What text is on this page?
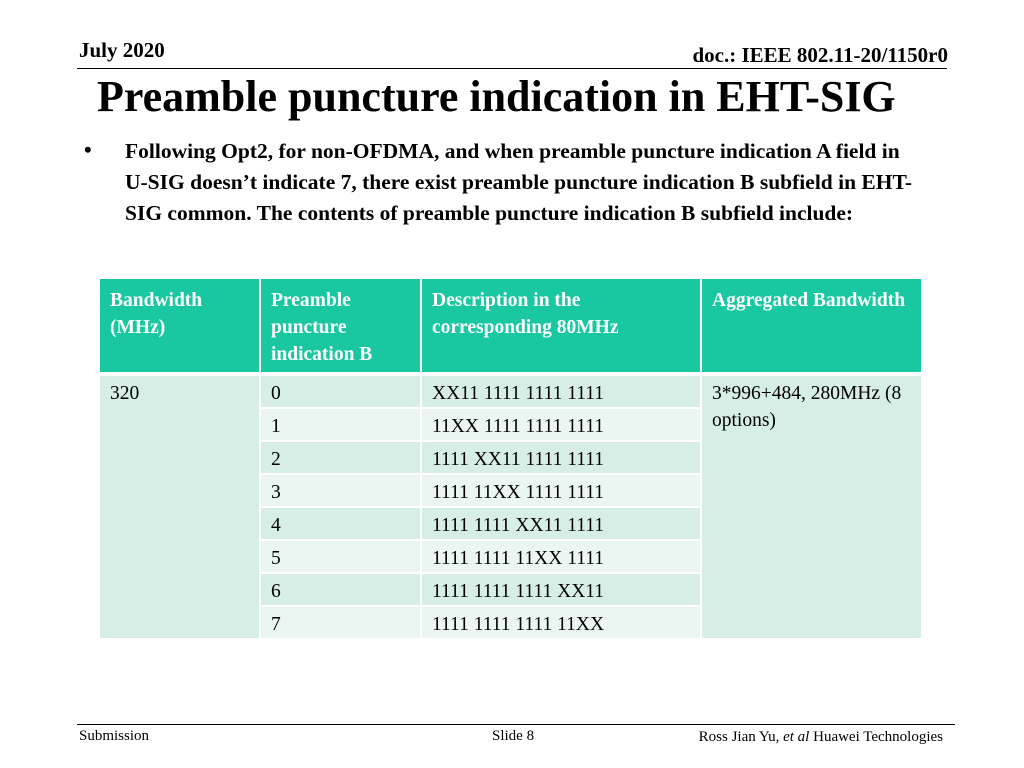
July 2020	doc.: IEEE 802.11-20/1150r0
Preamble puncture indication in EHT-SIG
• Following Opt2, for non-OFDMA, and when preamble puncture indication A field in U-SIG doesn’t indicate 7, there exist preamble puncture indication B subfield in EHT-SIG common. The contents of preamble puncture indication B subfield include:
Bandwidth (MHz)	Preamble puncture indication B	Description in the corresponding 80MHz	Aggregated Bandwidth
320	0	XX11 1111 1111 1111	3*996+484, 280MHz (8 options)
	1	11XX 1111 1111 1111	
	2	1111 XX11 1111 1111	
	3	1111 11XX 1111 1111	
	4	1111 1111 XX11 1111	
	5	1111 1111 11XX 1111	
	6	1111 1111 1111 XX11	
	7	1111 1111 1111 11XX	
Submission	Slide 8	Ross Jian Yu, et al Huawei Technologies
